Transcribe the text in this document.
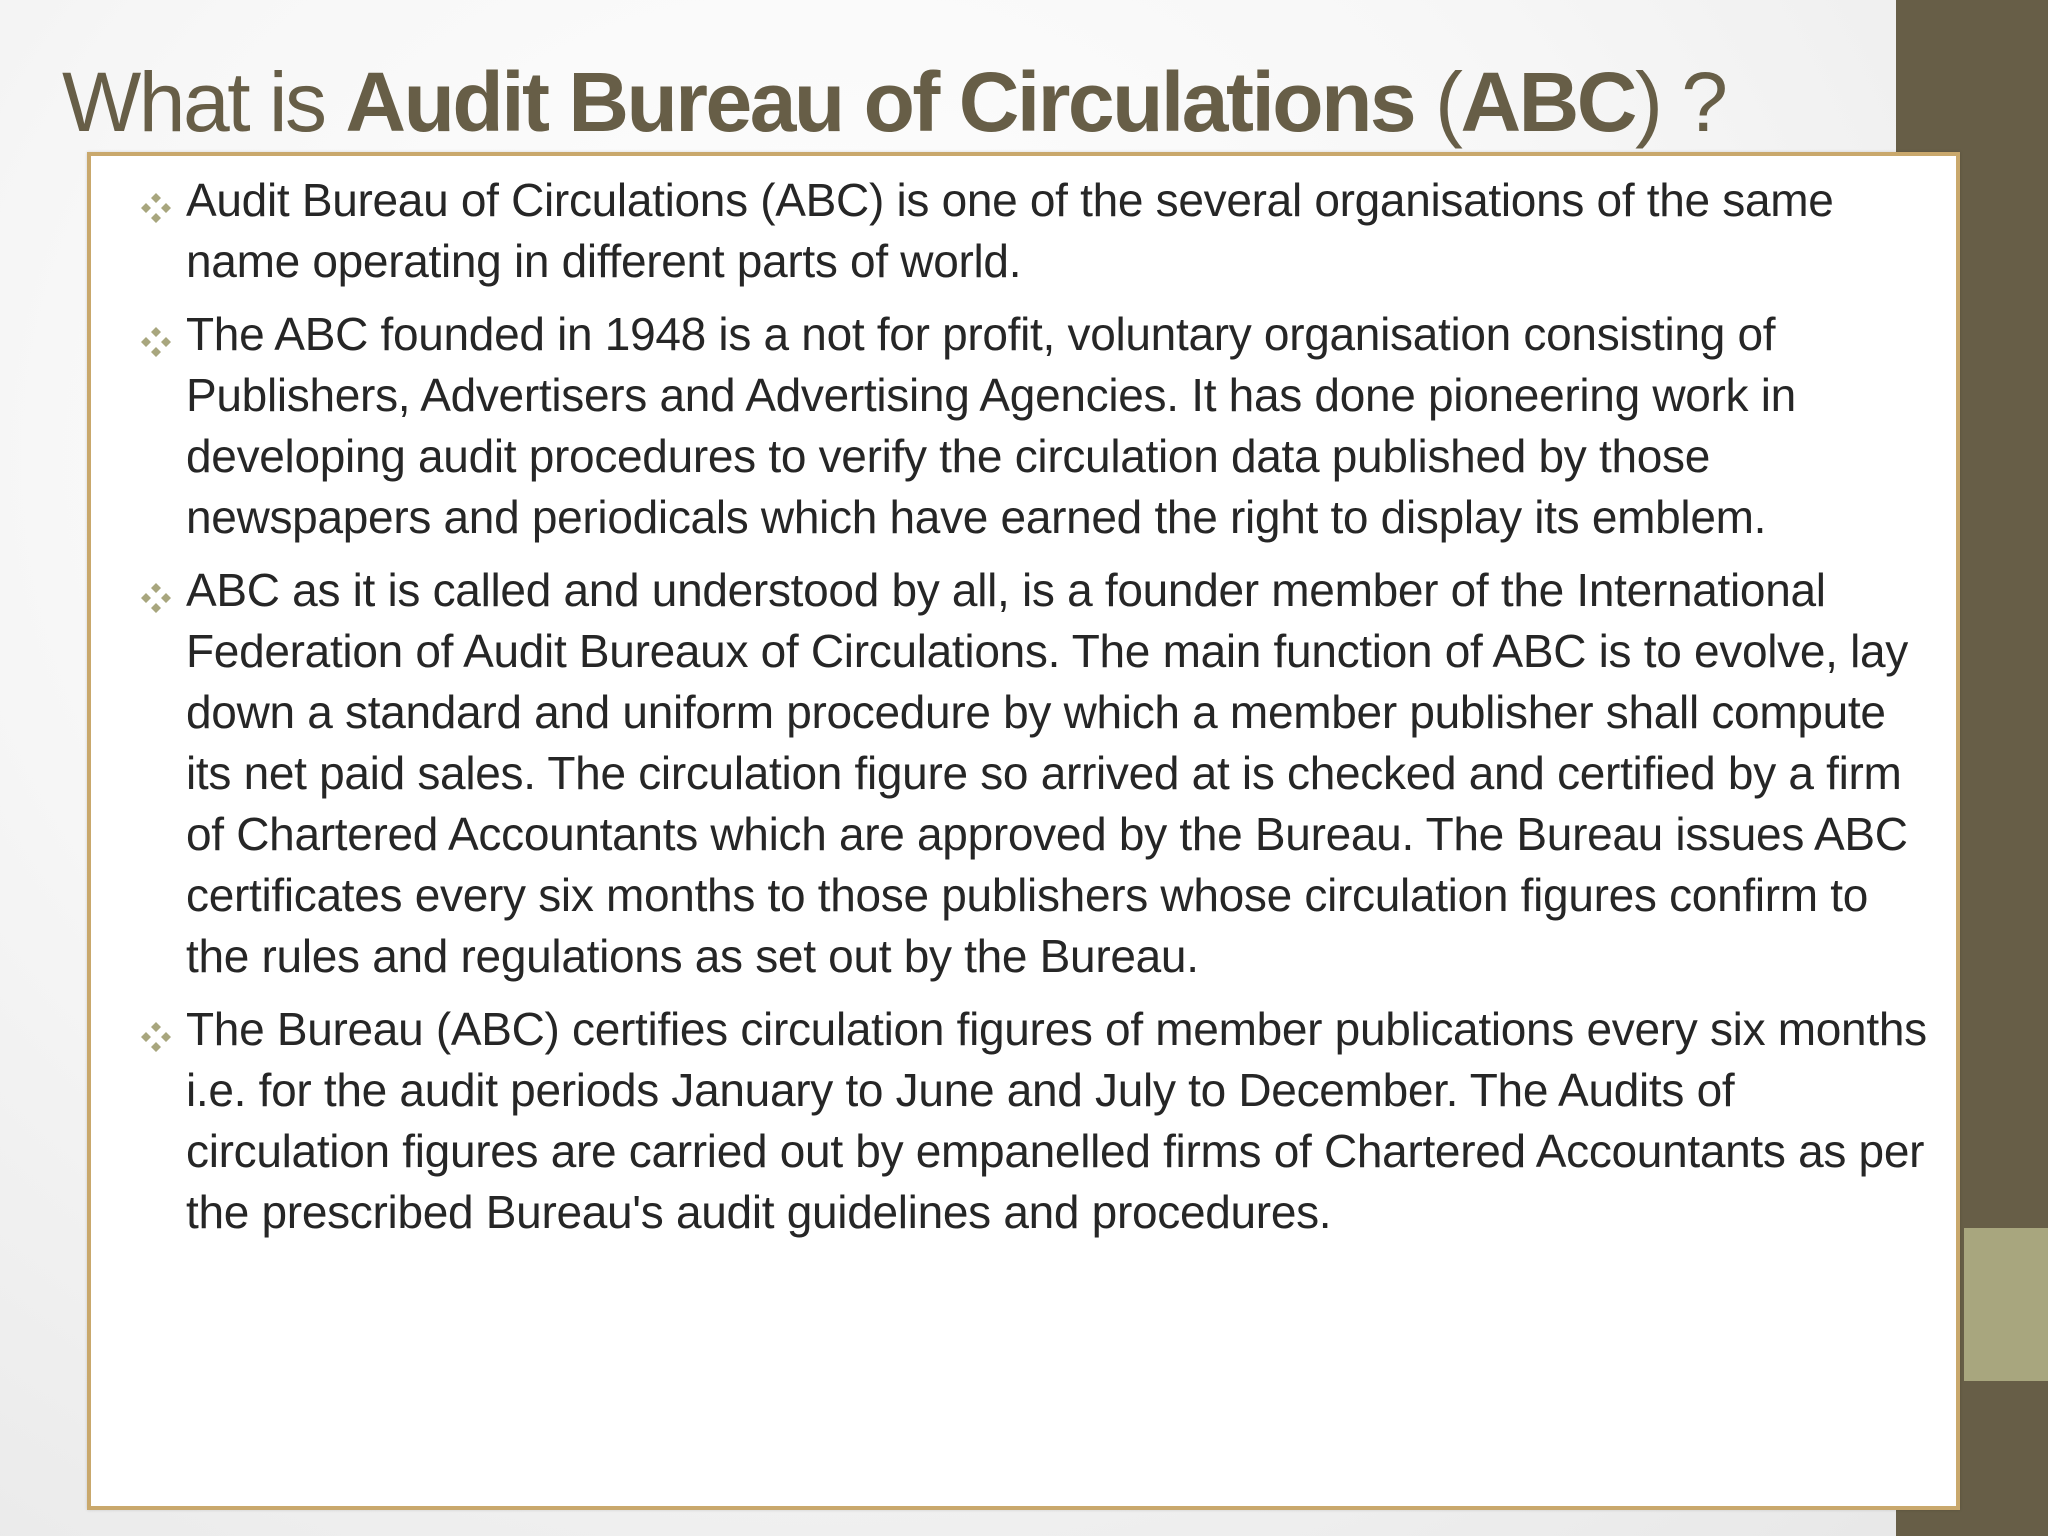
What is Audit Bureau of Circulations (ABC) ?
Audit Bureau of Circulations (ABC) is one of the several organisations of the same name operating in different parts of world.
The ABC founded in 1948 is a not for profit, voluntary organisation consisting of Publishers, Advertisers and Advertising Agencies. It has done pioneering work in developing audit procedures to verify the circulation data published by those newspapers and periodicals which have earned the right to display its emblem.
ABC as it is called and understood by all, is a founder member of the International Federation of Audit Bureaux of Circulations. The main function of ABC is to evolve, lay down a standard and uniform procedure by which a member publisher shall compute its net paid sales. The circulation figure so arrived at is checked and certified by a firm of Chartered Accountants which are approved by the Bureau. The Bureau issues ABC certificates every six months to those publishers whose circulation figures confirm to the rules and regulations as set out by the Bureau.
The Bureau (ABC) certifies circulation figures of member publications every six months i.e. for the audit periods January to June and July to December. The Audits of circulation figures are carried out by empanelled firms of Chartered Accountants as per the prescribed Bureau's audit guidelines and procedures.
